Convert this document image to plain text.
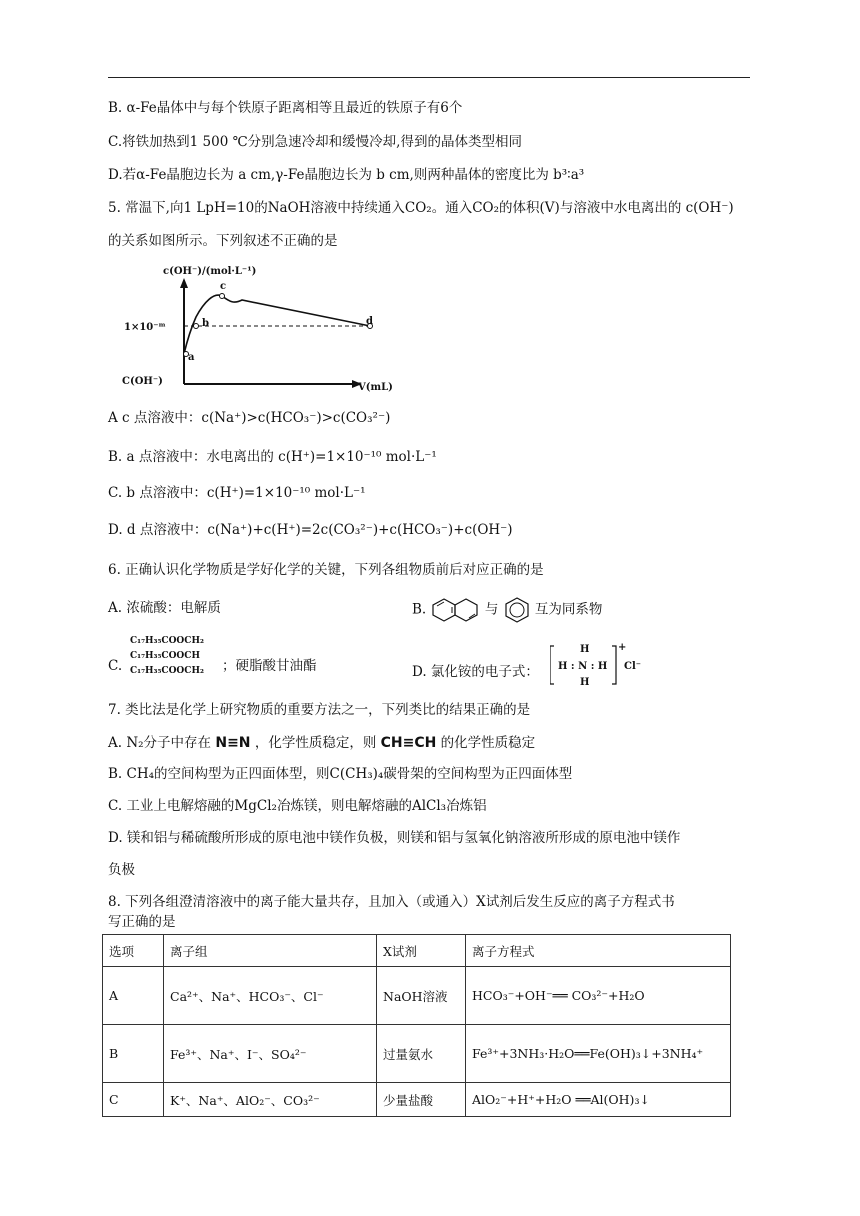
B. α-Fe晶体中与每个铁原子距离相等且最近的铁原子有6个
C.将铁加热到1 500 ℃分别急速冷却和缓慢冷却,得到的晶体类型相同
D.若α-Fe晶胞边长为 a cm,γ-Fe晶胞边长为 b cm,则两种晶体的密度比为 b³∶a³
5. 常温下,向1 LpH=10的NaOH溶液中持续通入CO₂。通入CO₂的体积(V)与溶液中水电离出的 c(OH⁻)
的关系如图所示。下列叙述不正确的是
c(OH⁻)/(mol·L⁻¹)
1×10⁻ᵐ
a
b
c
d
C(OH⁻)
V(mL)
A c 点溶液中：c(Na⁺)>c(HCO₃⁻)>c(CO₃²⁻)
B. a 点溶液中：水电离出的 c(H⁺)=1×10⁻¹⁰ mol·L⁻¹
C. b 点溶液中：c(H⁺)=1×10⁻¹⁰ mol·L⁻¹
D. d 点溶液中：c(Na⁺)+c(H⁺)=2c(CO₃²⁻)+c(HCO₃⁻)+c(OH⁻)
6. 正确认识化学物质是学好化学的关键，下列各组物质前后对应正确的是
A. 浓硫酸：电解质	B.	与	互为同系物
C.
C₁₇H₃₅COOCH₂
C₁₇H₃₅COOCH
C₁₇H₃₅COOCH₂ ；硬脂酸甘油酯	D. 氯化铵的电子式：
H
H : N : H
H
+
Cl⁻
7. 类比法是化学上研究物质的重要方法之一，下列类比的结果正确的是
A. N₂分子中存在 N≡N ，化学性质稳定，则 CH≡CH 的化学性质稳定
B. CH₄的空间构型为正四面体型，则C(CH₃)₄碳骨架的空间构型为正四面体型
C. 工业上电解熔融的MgCl₂冶炼镁，则电解熔融的AlCl₃冶炼铝
D. 镁和铝与稀硫酸所形成的原电池中镁作负极，则镁和铝与氢氧化钠溶液所形成的原电池中镁作
负极
8. 下列各组澄清溶液中的离子能大量共存，且加入（或通入）X试剂后发生反应的离子方程式书
写正确的是
选项	离子组	X试剂	离子方程式
A	Ca²⁺、Na⁺、HCO₃⁻、Cl⁻	NaOH溶液	HCO₃⁻+OH⁻══ CO₃²⁻+H₂O
B	Fe³⁺、Na⁺、I⁻、SO₄²⁻	过量氨水	Fe³⁺+3NH₃·H₂O══Fe(OH)₃↓+3NH₄⁺
C	K⁺、Na⁺、AlO₂⁻、CO₃²⁻	少量盐酸	AlO₂⁻+H⁺+H₂O ══Al(OH)₃↓
